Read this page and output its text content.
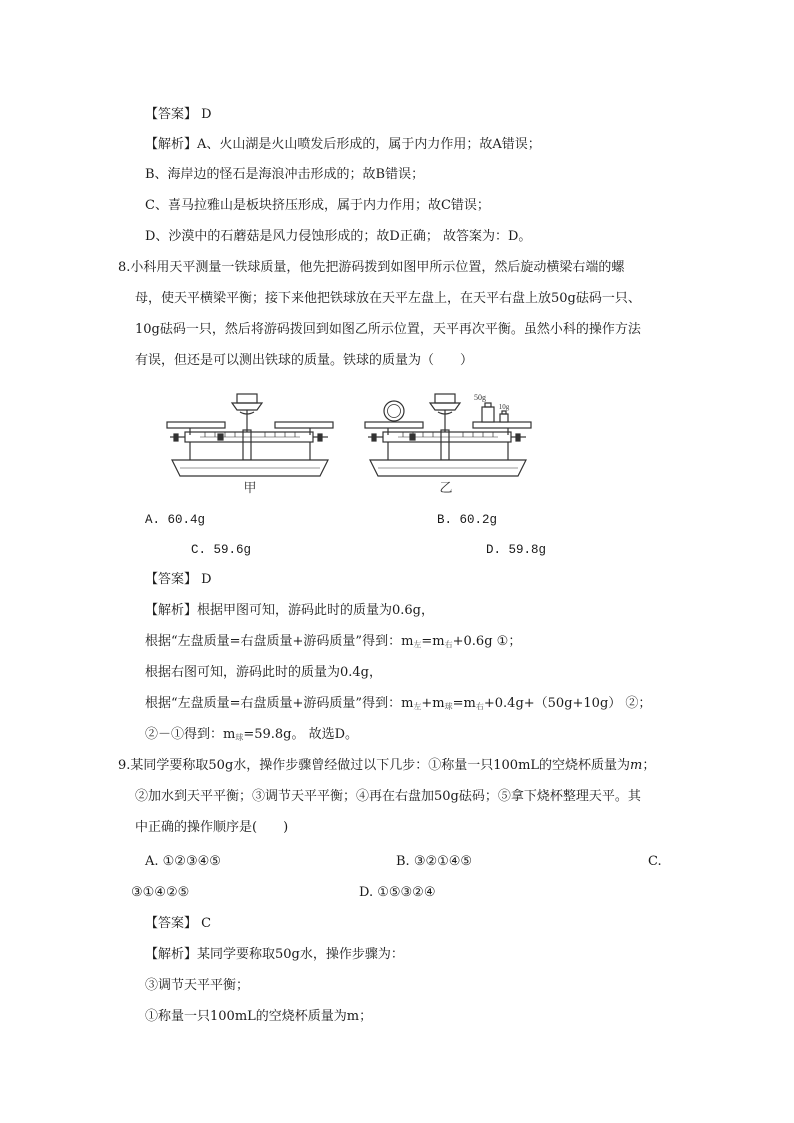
【答案】 D
【解析】A、火山湖是火山喷发后形成的，属于内力作用；故A错误；
B、海岸边的怪石是海浪冲击形成的；故B错误；
C、喜马拉雅山是板块挤压形成，属于内力作用；故C错误；
D、沙漠中的石蘑菇是风力侵蚀形成的；故D正确； 故答案为：D。
8.小科用天平测量一铁球质量，他先把游码拨到如图甲所示位置，然后旋动横梁右端的螺
母，使天平横梁平衡；接下来他把铁球放在天平左盘上，在天平右盘上放50g砝码一只、
10g砝码一只，然后将游码拨回到如图乙所示位置，天平再次平衡。虽然小科的操作方法
有误，但还是可以测出铁球的质量。铁球的质量为（　　）
50g
10g
甲	乙
A. 60.4g	B. 60.2g
C. 59.6g	D. 59.8g
【答案】 D
【解析】根据甲图可知，游码此时的质量为0.6g，
根据“左盘质量=右盘质量+游码质量”得到：$m_左=m_右+0.6g$ ①；
根据右图可知，游码此时的质量为0.4g，
根据“左盘质量=右盘质量+游码质量”得到：$m_左+m_球=m_右+0.4g+(50g+10g)$ ②；
②－①得到：$m_球=59.8g$。 故选D。
9.某同学要称取50g水，操作步骤曾经做过以下几步：①称量一只100mL的空烧杯质量为m；
②加水到天平平衡；③调节天平平衡；④再在右盘加50g砝码；⑤拿下烧杯整理天平。其
中正确的操作顺序是(　　)
A. ①②③④⑤	B. ③②①④⑤	C.
③①④②⑤	D. ①⑤③②④
【答案】 C
【解析】某同学要称取50g水，操作步骤为：
③调节天平平衡；
①称量一只100mL的空烧杯质量为m；
